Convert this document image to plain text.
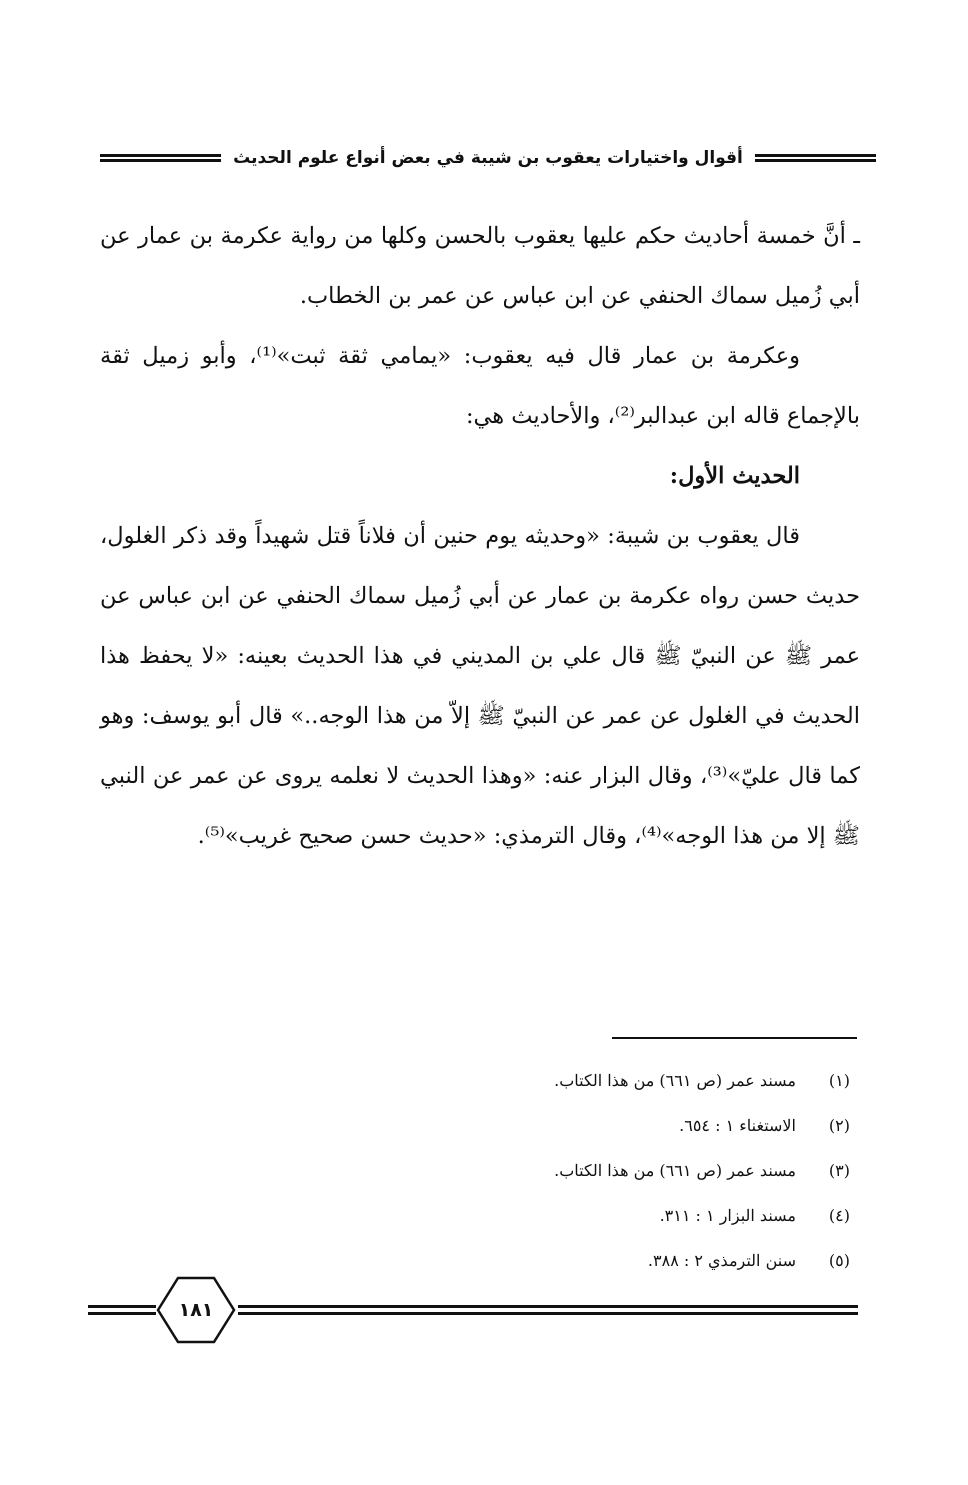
أقوال واختيارات يعقوب بن شيبة في بعض أنواع علوم الحديث

ـ أنَّ خمسة أحاديث حكم عليها يعقوب بالحسن وكلها من رواية عكرمة بن عمار عن أبي زُميل سماك الحنفي عن ابن عباس عن عمر بن الخطاب.

وعكرمة بن عمار قال فيه يعقوب: «يمامي ثقة ثبت»⁽¹⁾، وأبو زميل ثقة بالإجماع قاله ابن عبدالبر⁽²⁾، والأحاديث هي:

الحديث الأول:

قال يعقوب بن شيبة: «وحديثه يوم حنين أن فلاناً قتل شهيداً وقد ذكر الغلول، حديث حسن رواه عكرمة بن عمار عن أبي زُميل سماك الحنفي عن ابن عباس عن عمر ﷺ عن النبيّ ﷺ قال علي بن المديني في هذا الحديث بعينه: «لا يحفظ هذا الحديث في الغلول عن عمر عن النبيّ ﷺ إلاّ من هذا الوجه..» قال أبو يوسف: وهو كما قال عليّ»⁽³⁾، وقال البزار عنه: «وهذا الحديث لا نعلمه يروى عن عمر عن النبي ﷺ إلا من هذا الوجه»⁽⁴⁾، وقال الترمذي: «حديث حسن صحيح غريب»⁽⁵⁾.

(١)
مسند عمر (ص ٦٦١) من هذا الكتاب.
(٢)
الاستغناء ١ : ٦٥٤.
(٣)
مسند عمر (ص ٦٦١) من هذا الكتاب.
(٤)
مسند البزار ١ : ٣١١.
(٥)
سنن الترمذي ٢ : ٣٨٨.
١٨١
